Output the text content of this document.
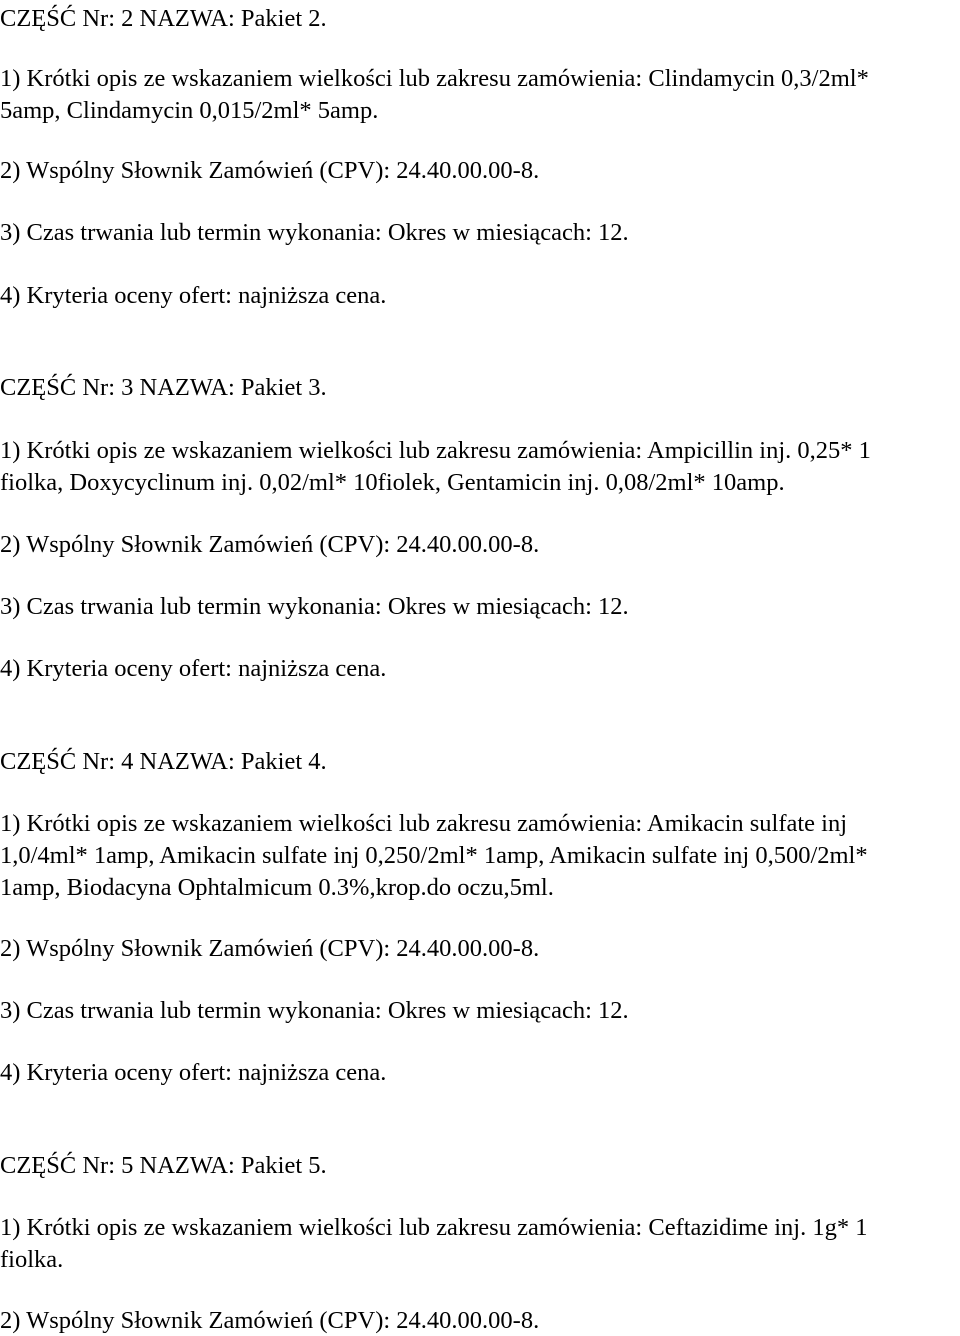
CZĘŚĆ Nr: 2 NAZWA: Pakiet 2.
1) Krótki opis ze wskazaniem wielkości lub zakresu zamówienia: Clindamycin 0,3/2ml*
5amp, Clindamycin 0,015/2ml* 5amp.
2) Wspólny Słownik Zamówień (CPV): 24.40.00.00-8.
3) Czas trwania lub termin wykonania: Okres w miesiącach: 12.
4) Kryteria oceny ofert: najniższa cena.
CZĘŚĆ Nr: 3 NAZWA: Pakiet 3.
1) Krótki opis ze wskazaniem wielkości lub zakresu zamówienia: Ampicillin inj. 0,25* 1
fiolka, Doxycyclinum inj. 0,02/ml* 10fiolek, Gentamicin inj. 0,08/2ml* 10amp.
2) Wspólny Słownik Zamówień (CPV): 24.40.00.00-8.
3) Czas trwania lub termin wykonania: Okres w miesiącach: 12.
4) Kryteria oceny ofert: najniższa cena.
CZĘŚĆ Nr: 4 NAZWA: Pakiet 4.
1) Krótki opis ze wskazaniem wielkości lub zakresu zamówienia: Amikacin sulfate inj
1,0/4ml* 1amp, Amikacin sulfate inj 0,250/2ml* 1amp, Amikacin sulfate inj 0,500/2ml*
1amp, Biodacyna Ophtalmicum 0.3%,krop.do oczu,5ml.
2) Wspólny Słownik Zamówień (CPV): 24.40.00.00-8.
3) Czas trwania lub termin wykonania: Okres w miesiącach: 12.
4) Kryteria oceny ofert: najniższa cena.
CZĘŚĆ Nr: 5 NAZWA: Pakiet 5.
1) Krótki opis ze wskazaniem wielkości lub zakresu zamówienia: Ceftazidime inj. 1g* 1
fiolka.
2) Wspólny Słownik Zamówień (CPV): 24.40.00.00-8.
